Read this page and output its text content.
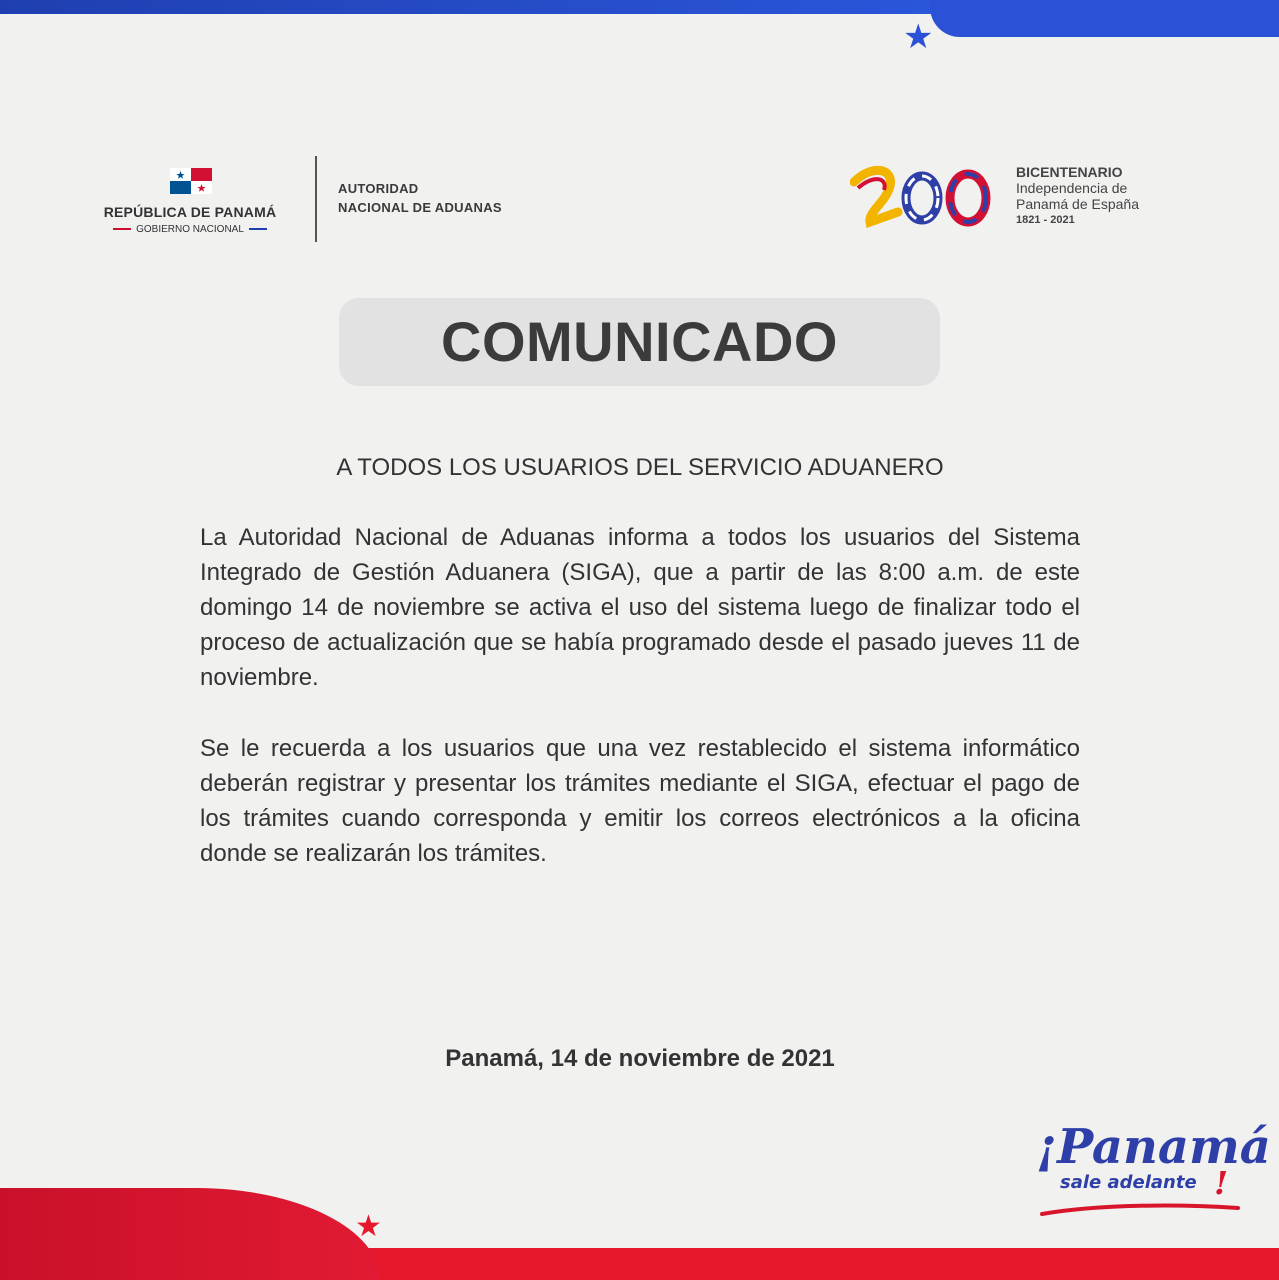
★
★
REPÚBLICA DE PANAMÁ
GOBIERNO NACIONAL
AUTORIDAD
NACIONAL DE ADUANAS
BICENTENARIO
Independencia de
Panamá de España
1821 - 2021
COMUNICADO
A TODOS LOS USUARIOS DEL SERVICIO ADUANERO
La Autoridad Nacional de Aduanas informa a todos los usuarios del Sistema Integrado de Gestión Aduanera (SIGA), que a partir de las 8:00 a.m. de este domingo 14 de noviembre se activa el uso del sistema luego de finalizar todo el proceso de actualización que se había programado desde el pasado jueves 11 de noviembre.
Se le recuerda a los usuarios que una vez restablecido el sistema informático deberán registrar y presentar los trámites mediante el SIGA, efectuar el pago de los trámites cuando corresponda y emitir los correos electrónicos a la oficina donde se realizarán los trámites.
Panamá, 14 de noviembre de 2021
¡Panamá
sale adelante !
